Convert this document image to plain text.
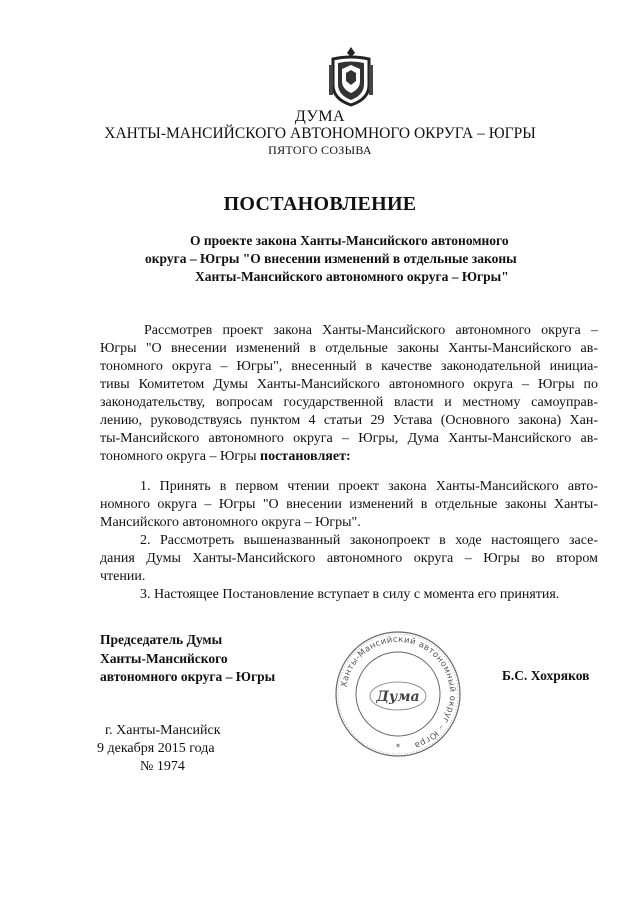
ДУМА
ХАНТЫ-МАНСИЙСКОГО АВТОНОМНОГО ОКРУГА – ЮГРЫ
ПЯТОГО СОЗЫВА
ПОСТАНОВЛЕНИЕ
О проекте закона Ханты-Мансийского автономного
округа – Югры "О внесении изменений в отдельные законы
Ханты-Мансийского автономного округа – Югры"
Рассмотрев проект закона Ханты-Мансийского автономного округа –
Югры "О внесении изменений в отдельные законы Ханты-Мансийского ав-
тономного округа – Югры", внесенный в качестве законодательной инициа-
тивы Комитетом Думы Ханты-Мансийского автономного округа – Югры по
законодательству, вопросам государственной власти и местному самоуправ-
лению, руководствуясь пунктом 4 статьи 29 Устава (Основного закона) Хан-
ты-Мансийского автономного округа – Югры, Дума Ханты-Мансийского ав-
тономного округа – Югры постановляет:
1. Принять в первом чтении проект закона Ханты-Мансийского авто-
номного округа – Югры "О внесении изменений в отдельные законы Ханты-
Мансийского автономного округа – Югры".
2. Рассмотреть вышеназванный законопроект в ходе настоящего засе-
дания Думы Ханты-Мансийского автономного округа – Югры во втором
чтении.
3. Настоящее Постановление вступает в силу с момента его принятия.
Председатель Думы
Ханты-Мансийского
автономного округа – Югры	Б.С. Хохряков
Ханты-Мансийский автономный округ – Югра
Дума
✶
г. Ханты-Мансийск
9 декабря 2015 года
№ 1974
